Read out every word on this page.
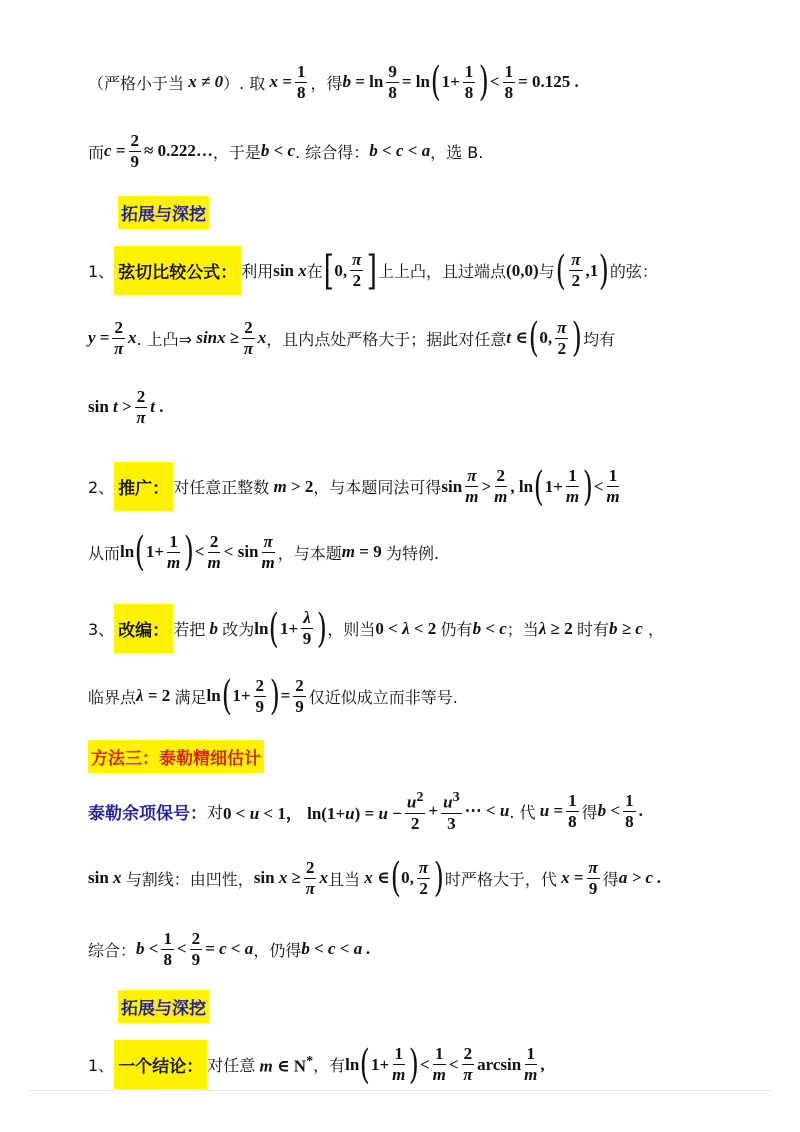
（严格小于当 x ≠ 0 ）. 取 $x = \frac{1}{8}$ ，得 $b = \ln \frac{9}{8} = \ln$ ( $1+ \frac{1}{8}$ ) < $\frac{1}{8} = 0.125$ .
而 $c = \frac{2}{9}$ ≈ 0.222… ，于是 b < c . 综合得： b < c < a ，选 B.
拓展与深挖
1、 弦切比较公式： 利用 sin x 在 [ 0, $\frac{\pi}{2}$ ] 上上凸，且过端点 (0,0) 与 ( $\frac{\pi}{2} ,1$ ) 的弦：
$y = \frac{2}{\pi}$ x . 上凸⇒ $\sin x \ge \frac{2}{\pi}$ x ，且内点处严格大于；据此对任意 t ∈ ( 0, $\frac{\pi}{2}$ ) 均有
$\sin t > \frac{2}{\pi}$ t .
2、 推广： 对任意正整数 m > 2 ，与本题同法可得 $\sin \frac{\pi}{m} > \frac{2}{m}$ , ln ( $1+ \frac{1}{m}$ ) < $\frac{1}{m}$
从而 ln ( $1+ \frac{1}{m}$ ) < $\frac{2}{m} < \sin \frac{\pi}{m}$ ，与本题 m = 9 为特例.
3、 改编： 若把 b 改为 ln ( $1+ \frac{\lambda}{9}$ ) ，则当 0 < λ < 2 仍有 b < c ；当 λ ≥ 2 时有 b ≥ c ，
临界点 λ = 2 满足 ln ( $1+ \frac{2}{9}$ ) = $\frac{2}{9}$ 仅近似成立而非等号.
方法三：泰勒精细估计
泰勒余项保号： 对 0 < u < 1， $\ln(1+u) = u - \frac{u^2}{2} + \frac{u^3}{3}$ ⋯ < u . 代 $u = \frac{1}{8}$ 得 $b < \frac{1}{8}$ .
sin x 与割线：由凹性， $\sin x \ge \frac{2}{\pi}$ x 且当 x ∈ ( 0, $\frac{\pi}{2}$ ) 时严格大于，代 $x = \frac{\pi}{9}$ 得 a > c .
综合： $b < \frac{1}{8} < \frac{2}{9} = c < a$ ，仍得 b < c < a .
拓展与深挖
1、 一个结论： 对任意 m ∈ N* ，有 ln ( $1+ \frac{1}{m}$ ) < $\frac{1}{m} < \frac{2}{\pi}$ $\arcsin \frac{1}{m}$ ,
